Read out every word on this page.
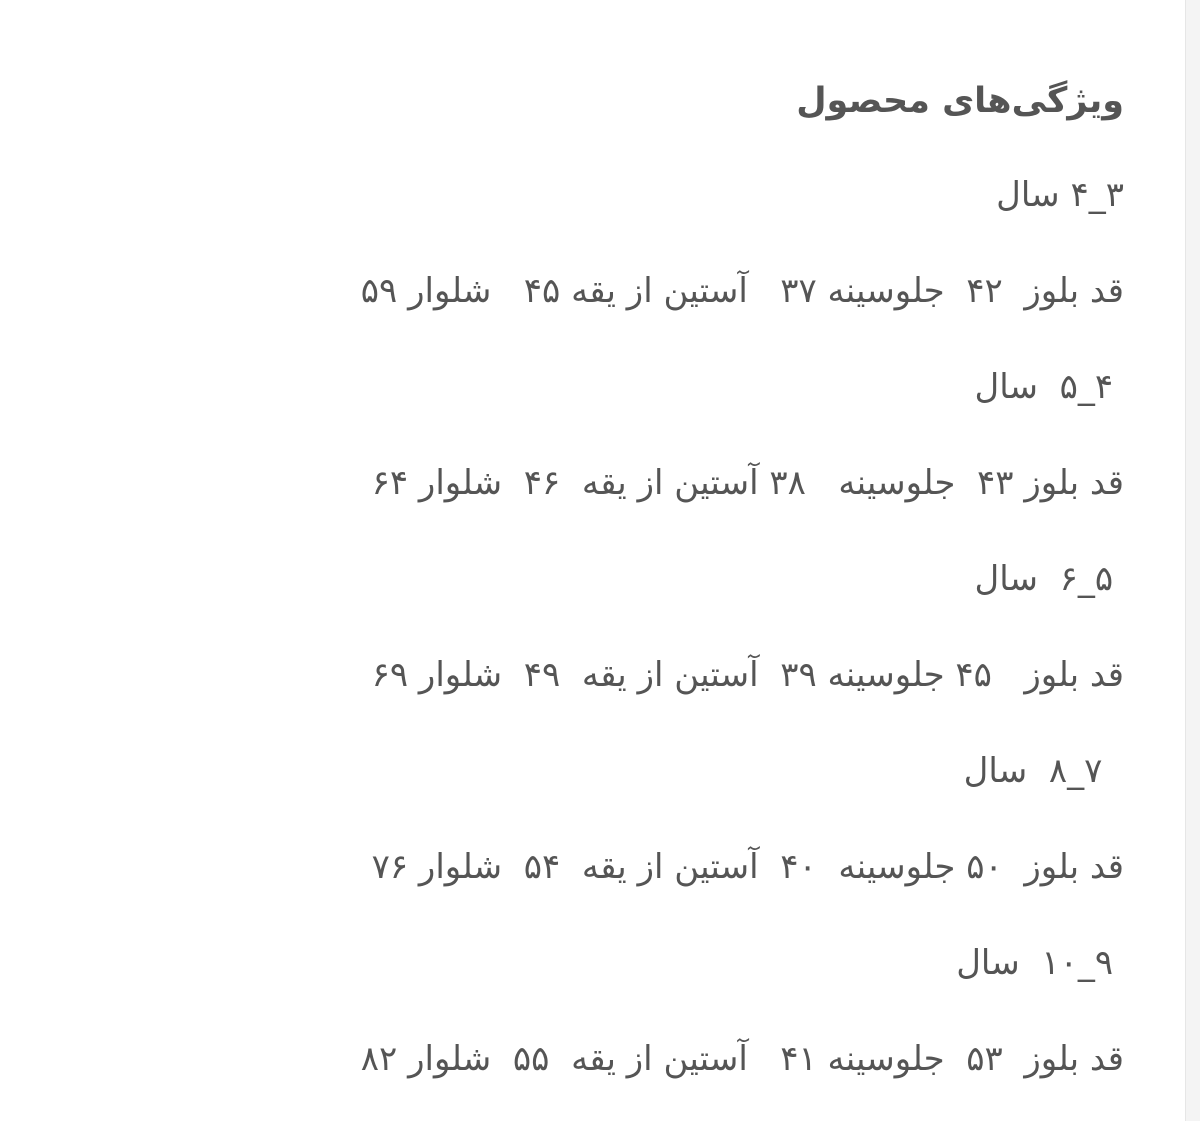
ویژگی‌های محصول
۳_۴ سال
قد بلوز  ۴۲  جلوسینه ۳۷   آستین از یقه ۴۵   شلوار ۵۹
۴_۵  سال
قد بلوز ۴۳  جلوسینه   ۳۸ آستین از یقه  ۴۶  شلوار ۶۴
۵_۶  سال
قد بلوز   ۴۵ جلوسینه ۳۹  آستین از یقه  ۴۹  شلوار ۶۹
۷_۸  سال
قد بلوز  ۵۰ جلوسینه  ۴۰  آستین از یقه  ۵۴  شلوار ۷۶
۹_۱۰  سال
قد بلوز  ۵۳  جلوسینه ۴۱   آستین از یقه  ۵۵  شلوار ۸۲
